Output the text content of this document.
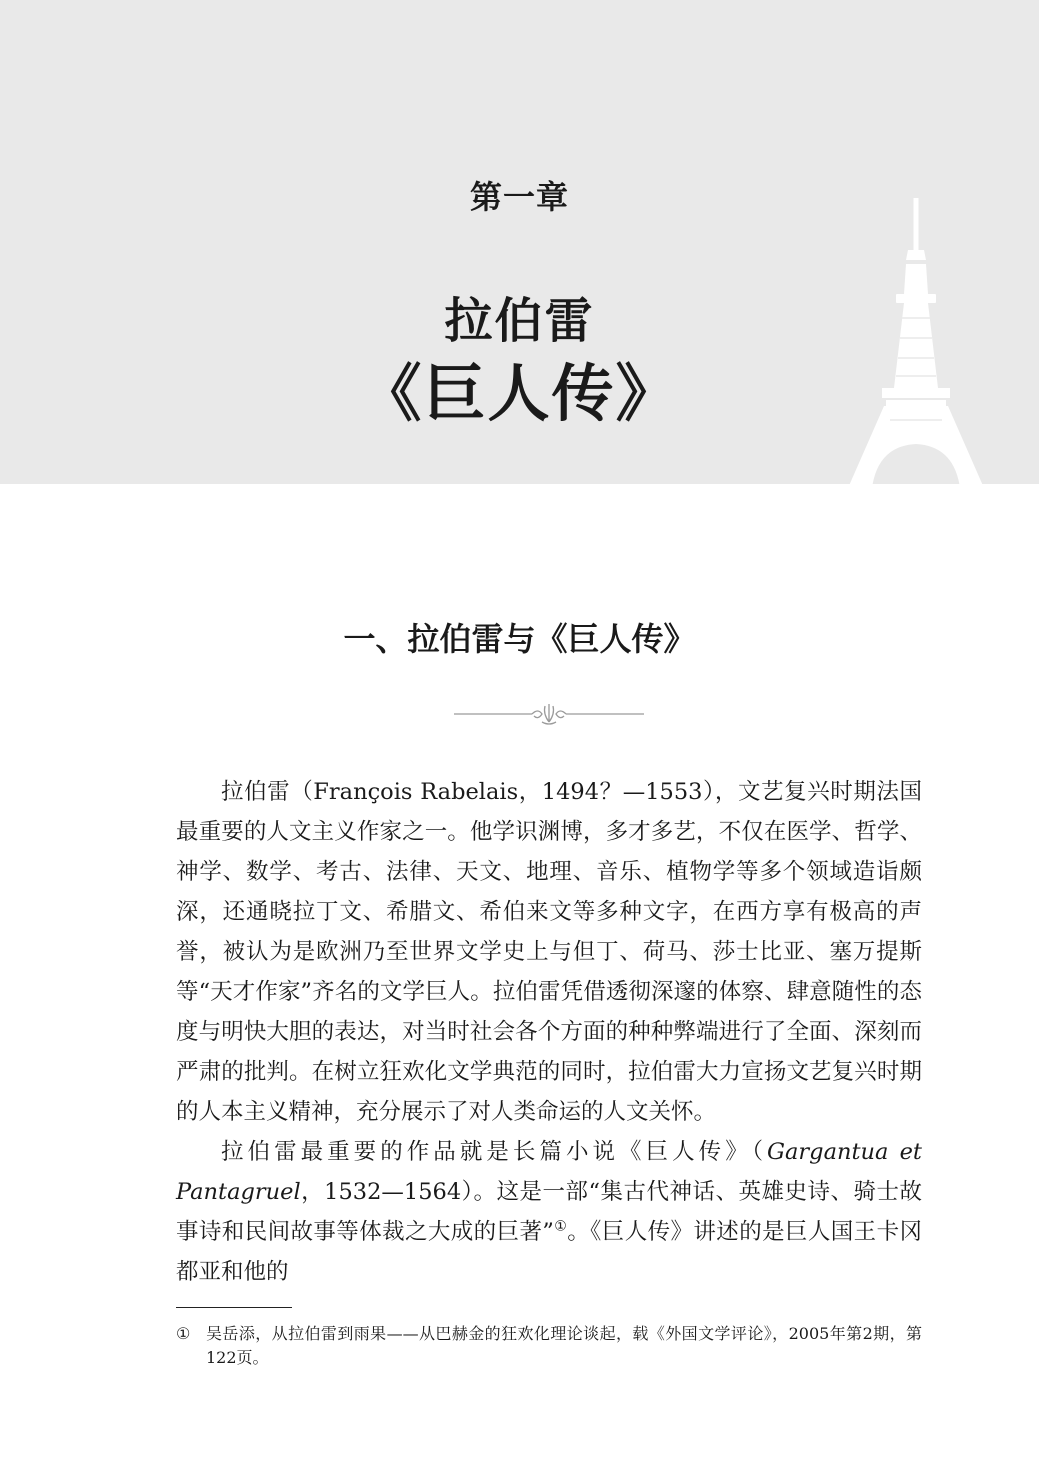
第一章
拉伯雷
《巨人传》
一、拉伯雷与《巨人传》

拉伯雷（François Rabelais，1494？—1553），文艺复兴时期法国最重要的人文主义作家之一。他学识渊博，多才多艺，不仅在医学、哲学、神学、数学、考古、法律、天文、地理、音乐、植物学等多个领域造诣颇深，还通晓拉丁文、希腊文、希伯来文等多种文字，在西方享有极高的声誉，被认为是欧洲乃至世界文学史上与但丁、荷马、莎士比亚、塞万提斯等“天才作家”齐名的文学巨人。拉伯雷凭借透彻深邃的体察、肆意随性的态度与明快大胆的表达，对当时社会各个方面的种种弊端进行了全面、深刻而严肃的批判。在树立狂欢化文学典范的同时，拉伯雷大力宣扬文艺复兴时期的人本主义精神，充分展示了对人类命运的人文关怀。

拉伯雷最重要的作品就是长篇小说《巨人传》（Gargantua et Pantagruel，1532—1564）。这是一部“集古代神话、英雄史诗、骑士故事诗和民间故事等体裁之大成的巨著”①。《巨人传》讲述的是巨人国王卡冈都亚和他的

① 吴岳添，从拉伯雷到雨果——从巴赫金的狂欢化理论谈起，载《外国文学评论》，2005年第2期，第122页。
